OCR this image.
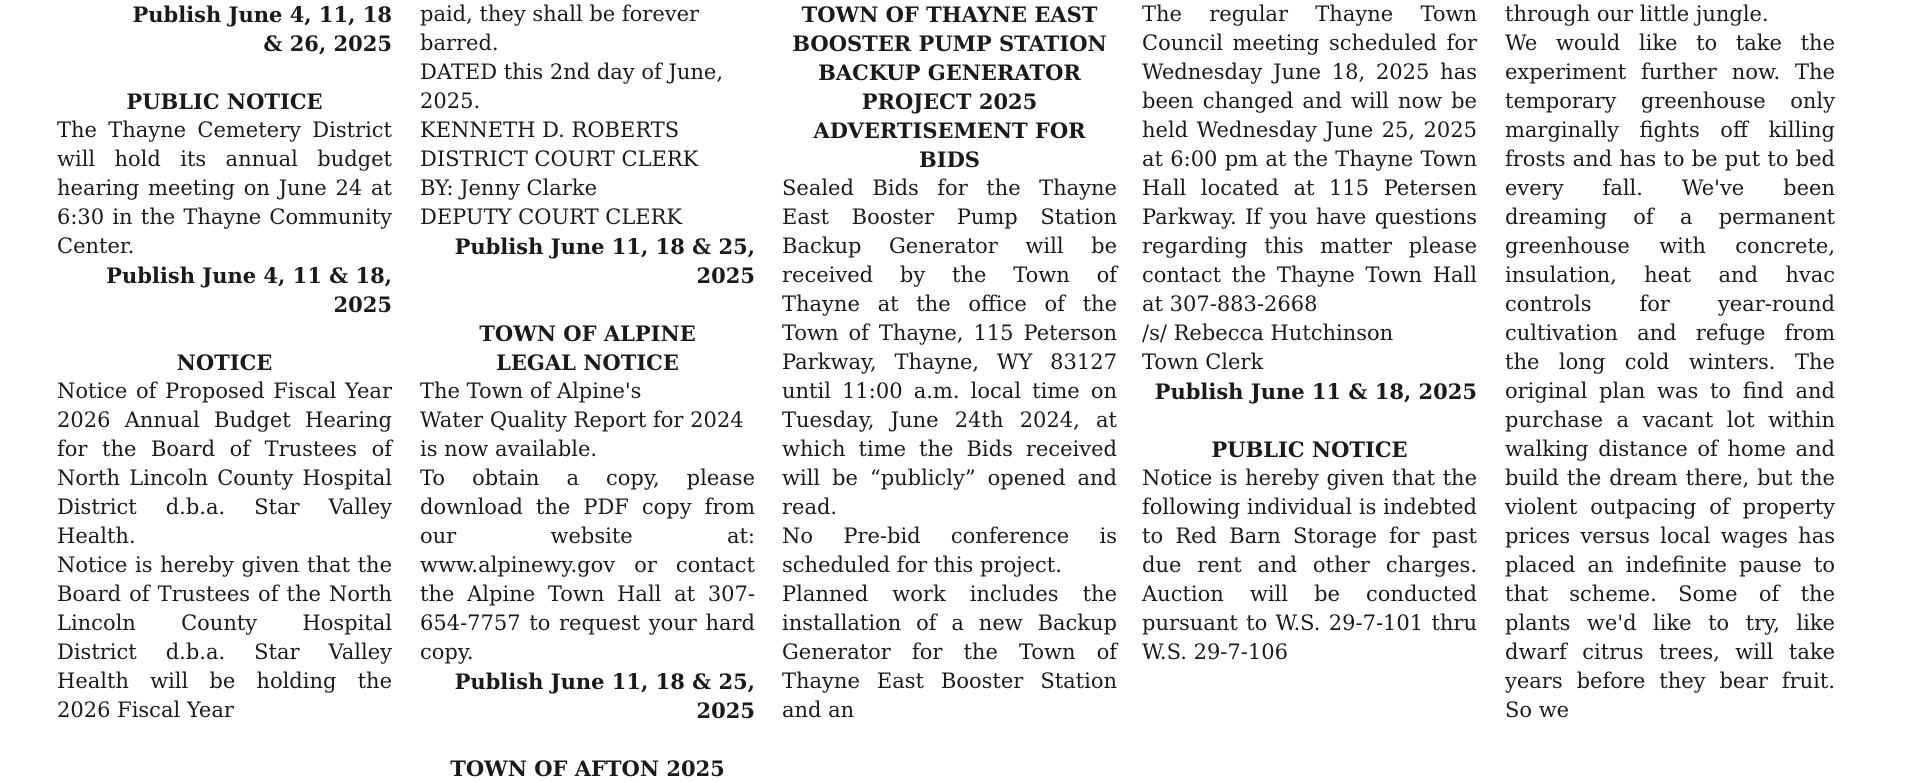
Publish June 4, 11, 18

& 26, 2025

PUBLIC NOTICE

The Thayne Cemetery District will hold its annual budget hearing meeting on June 24 at 6:30 in the Thayne Community Center.

Publish June 4, 11 & 18, 2025

NOTICE

Notice of Proposed Fiscal Year 2026 Annual Budget Hearing for the Board of Trustees of North Lincoln County Hospital District d.b.a. Star Valley Health.

Notice is hereby given that the Board of Trustees of the North Lincoln County Hospital District d.b.a. Star Valley Health will be holding the 2026 Fiscal Year

paid, they shall be forever barred.

DATED this 2nd day of June, 2025.

KENNETH D. ROBERTS

DISTRICT COURT CLERK

BY: Jenny Clarke

DEPUTY COURT CLERK

Publish June 11, 18 & 25, 2025

TOWN OF ALPINE

LEGAL NOTICE

The Town of Alpine's

Water Quality Report for 2024

is now available.

To obtain a copy, please download the PDF copy from our website at: www.alpinewy.gov or contact the Alpine Town Hall at 307-654-7757 to request your hard copy.

Publish June 11, 18 & 25, 2025

TOWN OF AFTON 2025

TOWN OF THAYNE EAST

BOOSTER PUMP STATION

BACKUP GENERATOR

PROJECT 2025

ADVERTISEMENT FOR BIDS

Sealed Bids for the Thayne East Booster Pump Station Backup Generator will be received by the Town of Thayne at the office of the Town of Thayne, 115 Peterson Parkway, Thayne, WY 83127 until 11:00 a.m. local time on Tuesday, June 24th 2024, at which time the Bids received will be “publicly” opened and read.

No Pre-bid conference is scheduled for this project.

Planned work includes the installation of a new Backup Generator for the Town of Thayne East Booster Station and an

The regular Thayne Town Council meeting scheduled for Wednesday June 18, 2025 has been changed and will now be held Wednesday June 25, 2025 at 6:00 pm at the Thayne Town Hall located at 115 Petersen Parkway. If you have questions regarding this matter please contact the Thayne Town Hall at 307-883-2668

/s/ Rebecca Hutchinson

Town Clerk

Publish June 11 & 18, 2025

PUBLIC NOTICE

Notice is hereby given that the following individual is indebted to Red Barn Storage for past due rent and other charges. Auction will be conducted pursuant to W.S. 29-7-101 thru W.S. 29-7-106

through our little jungle.

We would like to take the experiment further now. The temporary greenhouse only marginally fights off killing frosts and has to be put to bed every fall. We've been dreaming of a permanent greenhouse with concrete, insulation, heat and hvac controls for year-round cultivation and refuge from the long cold winters. The original plan was to find and purchase a vacant lot within walking distance of home and build the dream there, but the violent outpacing of property prices versus local wages has placed an indefinite pause to that scheme. Some of the plants we'd like to try, like dwarf citrus trees, will take years before they bear fruit. So we
